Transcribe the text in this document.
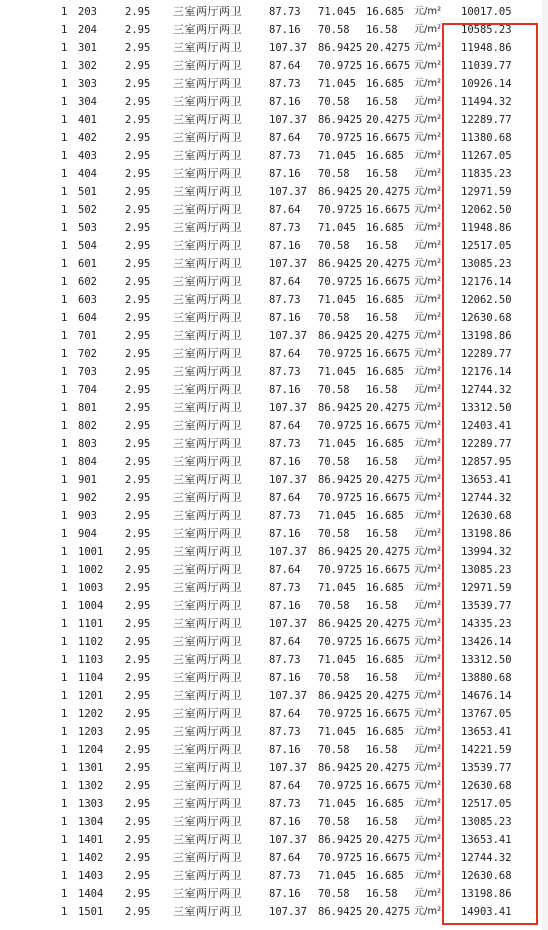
1 203	2.95 三室两厅两卫	87.73 71.045 16.685 元/m² 10017.05
1 204	2.95 三室两厅两卫	87.16 70.58 16.58 元/m² 10585.23
1 301	2.95 三室两厅两卫	107.37 86.9425 20.4275 元/m² 11948.86
1 302	2.95 三室两厅两卫	87.64 70.9725 16.6675 元/m² 11039.77
1 303	2.95 三室两厅两卫	87.73 71.045 16.685 元/m² 10926.14
1 304	2.95 三室两厅两卫	87.16 70.58 16.58 元/m² 11494.32
1 401	2.95 三室两厅两卫	107.37 86.9425 20.4275 元/m² 12289.77
1 402	2.95 三室两厅两卫	87.64 70.9725 16.6675 元/m² 11380.68
1 403	2.95 三室两厅两卫	87.73 71.045 16.685 元/m² 11267.05
1 404	2.95 三室两厅两卫	87.16 70.58 16.58 元/m² 11835.23
1 501	2.95 三室两厅两卫	107.37 86.9425 20.4275 元/m² 12971.59
1 502	2.95 三室两厅两卫	87.64 70.9725 16.6675 元/m² 12062.50
1 503	2.95 三室两厅两卫	87.73 71.045 16.685 元/m² 11948.86
1 504	2.95 三室两厅两卫	87.16 70.58 16.58 元/m² 12517.05
1 601	2.95 三室两厅两卫	107.37 86.9425 20.4275 元/m² 13085.23
1 602	2.95 三室两厅两卫	87.64 70.9725 16.6675 元/m² 12176.14
1 603	2.95 三室两厅两卫	87.73 71.045 16.685 元/m² 12062.50
1 604	2.95 三室两厅两卫	87.16 70.58 16.58 元/m² 12630.68
1 701	2.95 三室两厅两卫	107.37 86.9425 20.4275 元/m² 13198.86
1 702	2.95 三室两厅两卫	87.64 70.9725 16.6675 元/m² 12289.77
1 703	2.95 三室两厅两卫	87.73 71.045 16.685 元/m² 12176.14
1 704	2.95 三室两厅两卫	87.16 70.58 16.58 元/m² 12744.32
1 801	2.95 三室两厅两卫	107.37 86.9425 20.4275 元/m² 13312.50
1 802	2.95 三室两厅两卫	87.64 70.9725 16.6675 元/m² 12403.41
1 803	2.95 三室两厅两卫	87.73 71.045 16.685 元/m² 12289.77
1 804	2.95 三室两厅两卫	87.16 70.58 16.58 元/m² 12857.95
1 901	2.95 三室两厅两卫	107.37 86.9425 20.4275 元/m² 13653.41
1 902	2.95 三室两厅两卫	87.64 70.9725 16.6675 元/m² 12744.32
1 903	2.95 三室两厅两卫	87.73 71.045 16.685 元/m² 12630.68
1 904	2.95 三室两厅两卫	87.16 70.58 16.58 元/m² 13198.86
1 1001 2.95 三室两厅两卫	107.37 86.9425 20.4275 元/m² 13994.32
1 1002 2.95 三室两厅两卫	87.64 70.9725 16.6675 元/m² 13085.23
1 1003 2.95 三室两厅两卫	87.73 71.045 16.685 元/m² 12971.59
1 1004 2.95 三室两厅两卫	87.16 70.58 16.58 元/m² 13539.77
1 1101 2.95 三室两厅两卫	107.37 86.9425 20.4275 元/m² 14335.23
1 1102 2.95 三室两厅两卫	87.64 70.9725 16.6675 元/m² 13426.14
1 1103 2.95 三室两厅两卫	87.73 71.045 16.685 元/m² 13312.50
1 1104 2.95 三室两厅两卫	87.16 70.58 16.58 元/m² 13880.68
1 1201 2.95 三室两厅两卫	107.37 86.9425 20.4275 元/m² 14676.14
1 1202 2.95 三室两厅两卫	87.64 70.9725 16.6675 元/m² 13767.05
1 1203 2.95 三室两厅两卫	87.73 71.045 16.685 元/m² 13653.41
1 1204 2.95 三室两厅两卫	87.16 70.58 16.58 元/m² 14221.59
1 1301 2.95 三室两厅两卫	107.37 86.9425 20.4275 元/m² 13539.77
1 1302 2.95 三室两厅两卫	87.64 70.9725 16.6675 元/m² 12630.68
1 1303 2.95 三室两厅两卫	87.73 71.045 16.685 元/m² 12517.05
1 1304 2.95 三室两厅两卫	87.16 70.58 16.58 元/m² 13085.23
1 1401 2.95 三室两厅两卫	107.37 86.9425 20.4275 元/m² 13653.41
1 1402 2.95 三室两厅两卫	87.64 70.9725 16.6675 元/m² 12744.32
1 1403 2.95 三室两厅两卫	87.73 71.045 16.685 元/m² 12630.68
1 1404 2.95 三室两厅两卫	87.16 70.58 16.58 元/m² 13198.86
1 1501 2.95 三室两厅两卫	107.37 86.9425 20.4275 元/m² 14903.41
